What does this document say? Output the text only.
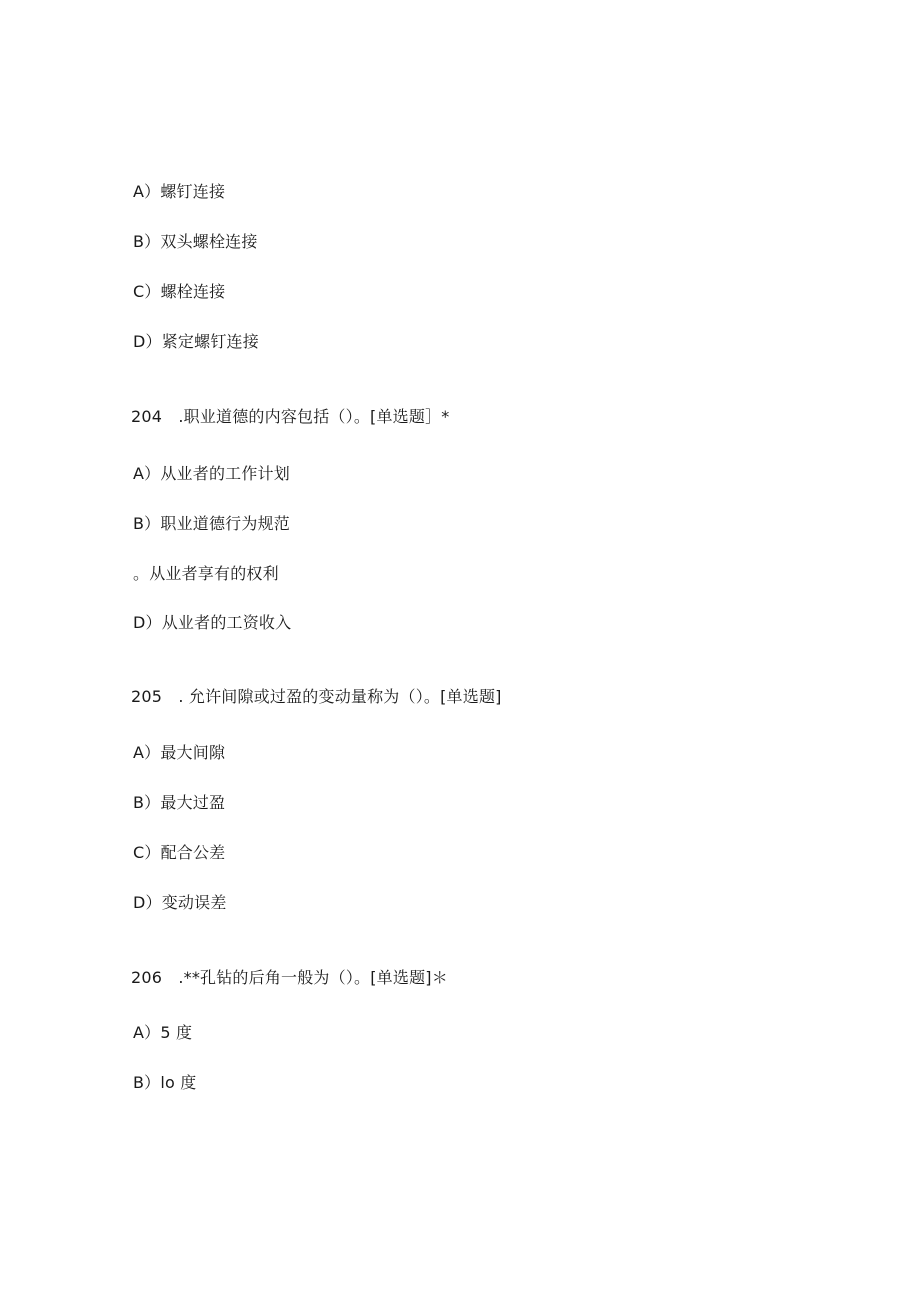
A）螺钉连接
B）双头螺栓连接
C）螺栓连接
D）紧定螺钉连接
204　.职业道德的内容包括（）。[单选题］*
A）从业者的工作计划
B）职业道德行为规范
。从业者享有的权利
D）从业者的工资收入
205　. 允许间隙或过盈的变动量称为（）。[单选题]
A）最大间隙
B）最大过盈
C）配合公差
D）变动误差
206　.**孔钻的后角一般为（）。[单选题]＊
A）5 度
B）lo 度
